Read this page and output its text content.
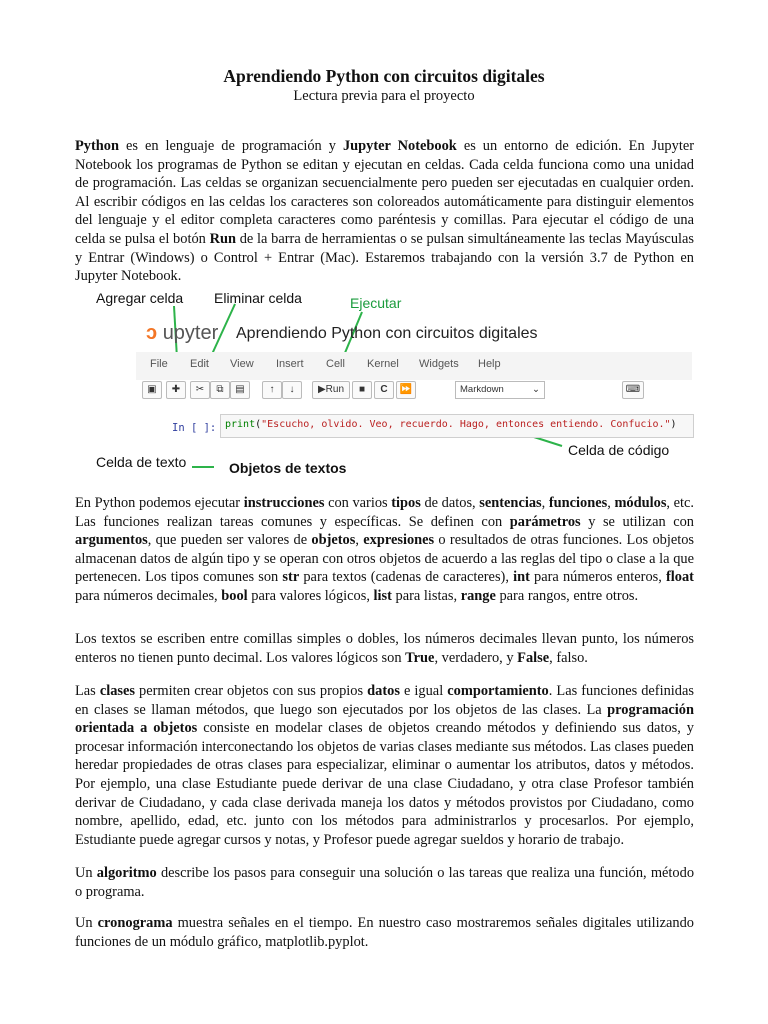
Aprendiendo Python con circuitos digitales
Lectura previa para el proyecto

Python es en lenguaje de programación y Jupyter Notebook es un entorno de edición. En Jupyter Notebook los programas de Python se editan y ejecutan en celdas. Cada celda funciona como una unidad de programación. Las celdas se organizan secuencialmente pero pueden ser ejecutadas en cualquier orden. Al escribir códigos en las celdas los caracteres son coloreados automáticamente para distinguir elementos del lenguaje y el editor completa caracteres como paréntesis y comillas. Para ejecutar el código de una celda se pulsa el botón Run de la barra de herramientas o se pulsan simultáneamente las teclas Mayúsculas y Entrar (Windows) o Control + Entrar (Mac). Estaremos trabajando con la versión 3.7 de Python en Jupyter Notebook.

Agregar celda Eliminar celda	Ejecutar
ↄ upyter Aprendiendo Python con circuitos digitales
File Edit View Insert Cell Kernel Widgets Help
▣	✚	✂	⧉	▤	↑	↓	▶Run	■	C	⏩	Markdown	⌄	⌨
In [ ]: print("Escucho, olvido. Veo, recuerdo. Hago, entonces entiendo. Confucio.")
Celda de código
Celda de texto	Objetos de textos

En Python podemos ejecutar instrucciones con varios tipos de datos, sentencias, funciones, módulos, etc. Las funciones realizan tareas comunes y específicas. Se definen con parámetros y se utilizan con argumentos, que pueden ser valores de objetos, expresiones o resultados de otras funciones. Los objetos almacenan datos de algún tipo y se operan con otros objetos de acuerdo a las reglas del tipo o clase a la que pertenecen. Los tipos comunes son str para textos (cadenas de caracteres), int para números enteros, float para números decimales, bool para valores lógicos, list para listas, range para rangos, entre otros.

Los textos se escriben entre comillas simples o dobles, los números decimales llevan punto, los números enteros no tienen punto decimal. Los valores lógicos son True, verdadero, y False, falso.

Las clases permiten crear objetos con sus propios datos e igual comportamiento. Las funciones definidas en clases se llaman métodos, que luego son ejecutados por los objetos de las clases. La programación orientada a objetos consiste en modelar clases de objetos creando métodos y definiendo sus datos, y procesar información interconectando los objetos de varias clases mediante sus métodos. Las clases pueden heredar propiedades de otras clases para especializar, eliminar o aumentar los atributos, datos y métodos. Por ejemplo, una clase Estudiante puede derivar de una clase Ciudadano, y otra clase Profesor también derivar de Ciudadano, y cada clase derivada maneja los datos y métodos provistos por Ciudadano, como nombre, apellido, edad, etc. junto con los métodos para administrarlos y procesarlos. Por ejemplo, Estudiante puede agregar cursos y notas, y Profesor puede agregar sueldos y horario de trabajo.

Un algoritmo describe los pasos para conseguir una solución o las tareas que realiza una función, método o programa.

Un cronograma muestra señales en el tiempo. En nuestro caso mostraremos señales digitales utilizando funciones de un módulo gráfico, matplotlib.pyplot.
